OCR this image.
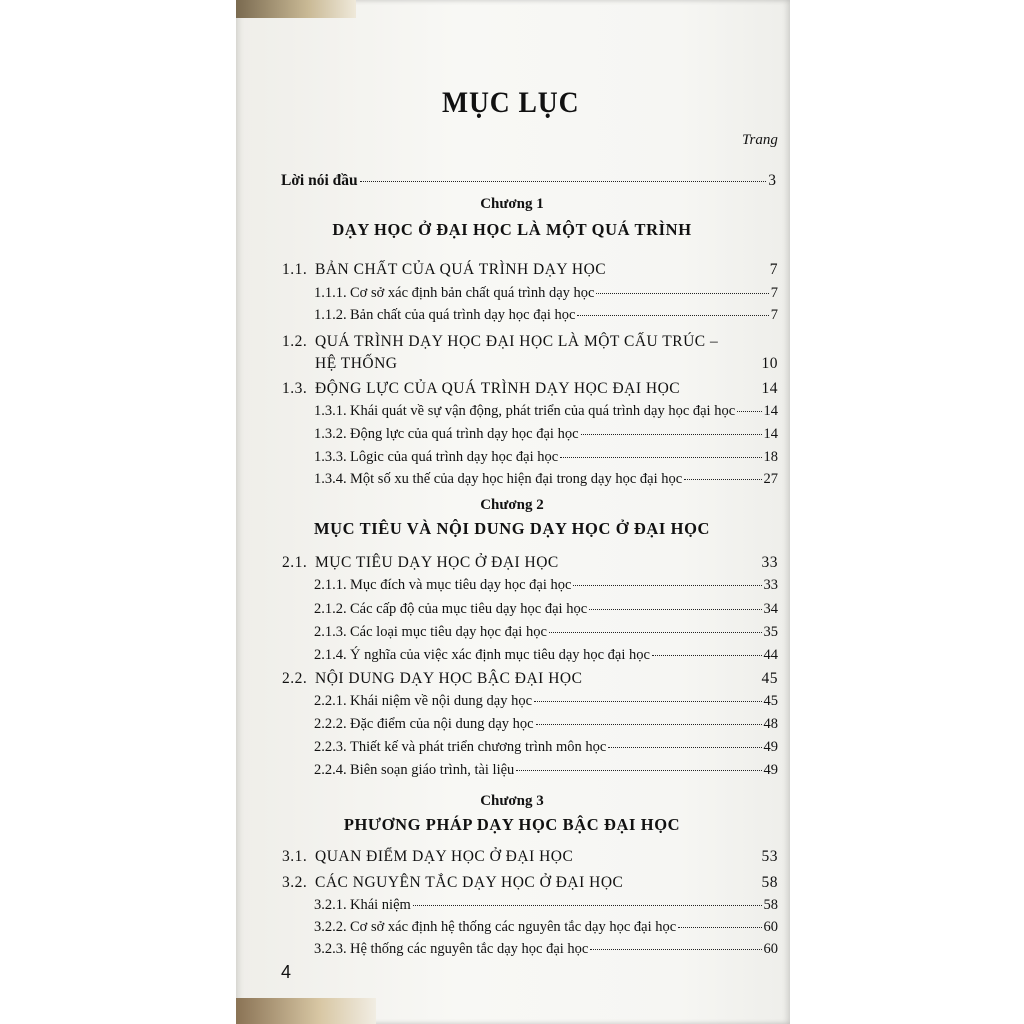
MỤC LỤC
Trang
Lời nói đầu	3
Chương 1
DẠY HỌC Ở ĐẠI HỌC LÀ MỘT QUÁ TRÌNH
1.1. BẢN CHẤT CỦA QUÁ TRÌNH DẠY HỌC	7
1.1.1. Cơ sở xác định bản chất quá trình dạy học	7
1.1.2. Bản chất của quá trình dạy học đại học	7
1.2. QUÁ TRÌNH DẠY HỌC ĐẠI HỌC LÀ MỘT CẤU TRÚC –
HỆ THỐNG	10
1.3. ĐỘNG LỰC CỦA QUÁ TRÌNH DẠY HỌC ĐẠI HỌC	14
1.3.1. Khái quát về sự vận động, phát triển của quá trình dạy học đại học 14
1.3.2. Động lực của quá trình dạy học đại học	14
1.3.3. Lôgic của quá trình dạy học đại học	18
1.3.4. Một số xu thế của dạy học hiện đại trong dạy học đại học	27
Chương 2
MỤC TIÊU VÀ NỘI DUNG DẠY HỌC Ở ĐẠI HỌC
2.1. MỤC TIÊU DẠY HỌC Ở ĐẠI HỌC	33
2.1.1. Mục đích và mục tiêu dạy học đại học	33
2.1.2. Các cấp độ của mục tiêu dạy học đại học	34
2.1.3. Các loại mục tiêu dạy học đại học	35
2.1.4. Ý nghĩa của việc xác định mục tiêu dạy học đại học	44
2.2. NỘI DUNG DẠY HỌC BẬC ĐẠI HỌC	45
2.2.1. Khái niệm về nội dung dạy học	45
2.2.2. Đặc điểm của nội dung dạy học	48
2.2.3. Thiết kế và phát triển chương trình môn học	49
2.2.4. Biên soạn giáo trình, tài liệu	49
Chương 3
PHƯƠNG PHÁP DẠY HỌC BẬC ĐẠI HỌC
3.1. QUAN ĐIỂM DẠY HỌC Ở ĐẠI HỌC	53
3.2. CÁC NGUYÊN TẮC DẠY HỌC Ở ĐẠI HỌC	58
3.2.1. Khái niệm	58
3.2.2. Cơ sở xác định hệ thống các nguyên tắc dạy học đại học	60
3.2.3. Hệ thống các nguyên tắc dạy học đại học	60
4
